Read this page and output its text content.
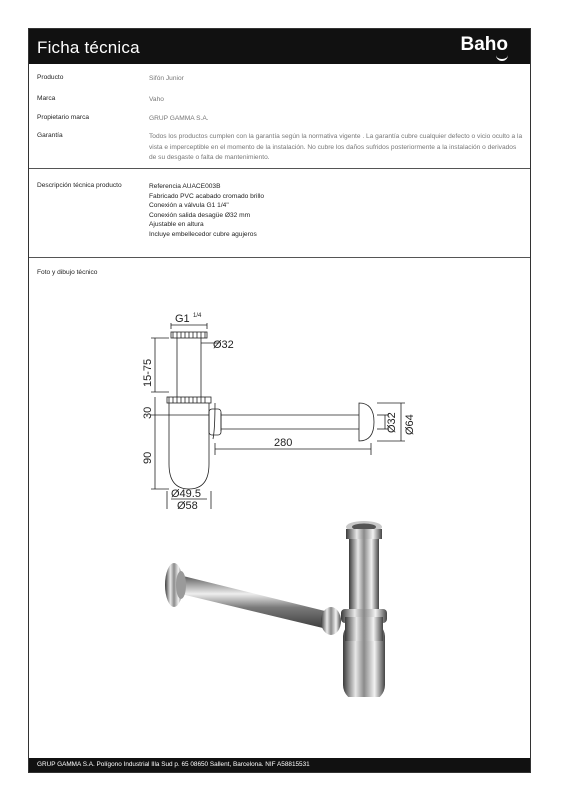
Ficha técnica	Baho
Producto	Sifón Junior
Marca	Vaho
Propietario marca	GRUP GAMMA S.A.
Garantía	Todos los productos cumplen con la garantía según la normativa vigente . La garantía cubre cualquier defecto o vicio oculto a la vista e imperceptible en el momento de la instalación. No cubre los daños sufridos posteriormente a la instalación o derivados de su desgaste o falta de mantenimiento.
Descripción técnica producto	Referencia AUACE003B
Fabricado PVC acabado cromado brillo
Conexión a válvula G1 1/4"
Conexión salida desagüe Ø32 mm
Ajustable en altura
Incluye embellecedor cubre agujeros
Foto y dibujo técnico
G1 1/4
Ø32
15-75
30
90
280
Ø32 Ø64
Ø49.5
Ø58
GRUP GAMMA S.A. Polígono Industrial Illa Sud p. 65 08650 Sallent, Barcelona. NIF A58815531
